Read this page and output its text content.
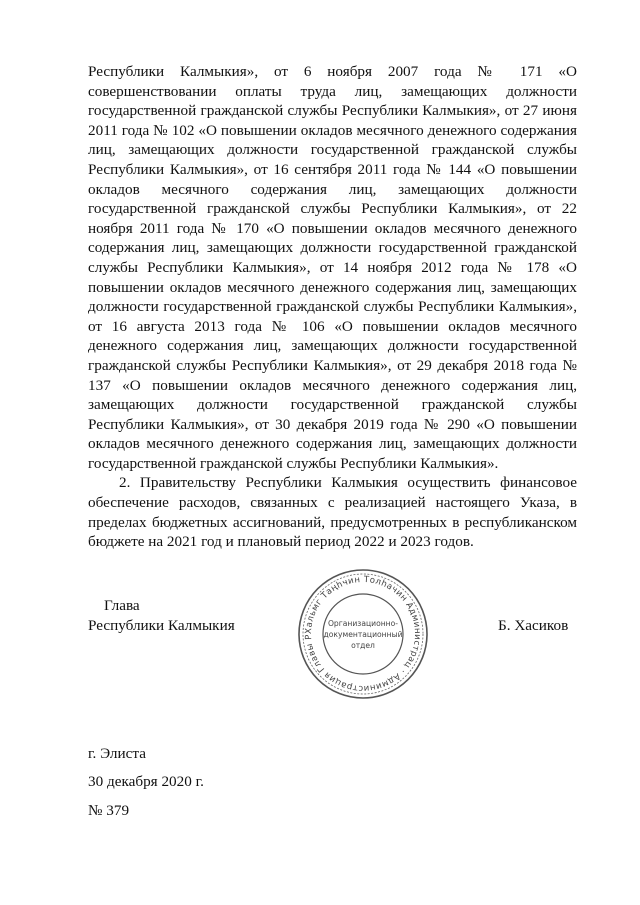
Республики Калмыкия», от 6 ноября 2007 года № 171 «О совершенствовании оплаты труда лиц, замещающих должности государственной гражданской службы Республики Калмыкия», от 27 июня 2011 года № 102 «О повышении окладов месячного денежного содержания лиц, замещающих должности государственной гражданской службы Республики Калмыкия», от 16 сентября 2011 года № 144 «О повышении окладов месячного содержания лиц, замещающих должности государственной гражданской службы Республики Калмыкия», от 22 ноября 2011 года № 170 «О повышении окладов месячного денежного содержания лиц, замещающих должности государственной гражданской службы Республики Калмыкия», от 14 ноября 2012 года № 178 «О повышении окладов месячного денежного содержания лиц, замещающих должности государственной гражданской службы Республики Калмыкия», от 16 августа 2013 года № 106 «О повышении окладов месячного денежного содержания лиц, замещающих должности государственной гражданской службы Республики Калмыкия», от 29 декабря 2018 года № 137 «О повышении окладов месячного денежного содержания лиц, замещающих должности государственной гражданской службы Республики Калмыкия», от 30 декабря 2019 года № 290 «О повышении окладов месячного денежного содержания лиц, замещающих должности государственной гражданской службы Республики Калмыкия».

2. Правительству Республики Калмыкия осуществить финансовое обеспечение расходов, связанных с реализацией настоящего Указа, в пределах бюджетных ассигнований, предусмотренных в республиканском бюджете на 2021 год и плановый период 2022 и 2023 годов.

Глава
Республики Калмыкия	Хальмг Таңһчин Толһачин Администрац · Администрация Главы Р
Организационно-
документационный
отдел
Б. Хасиков
г. Элиста
30 декабря 2020 г.
№ 379
